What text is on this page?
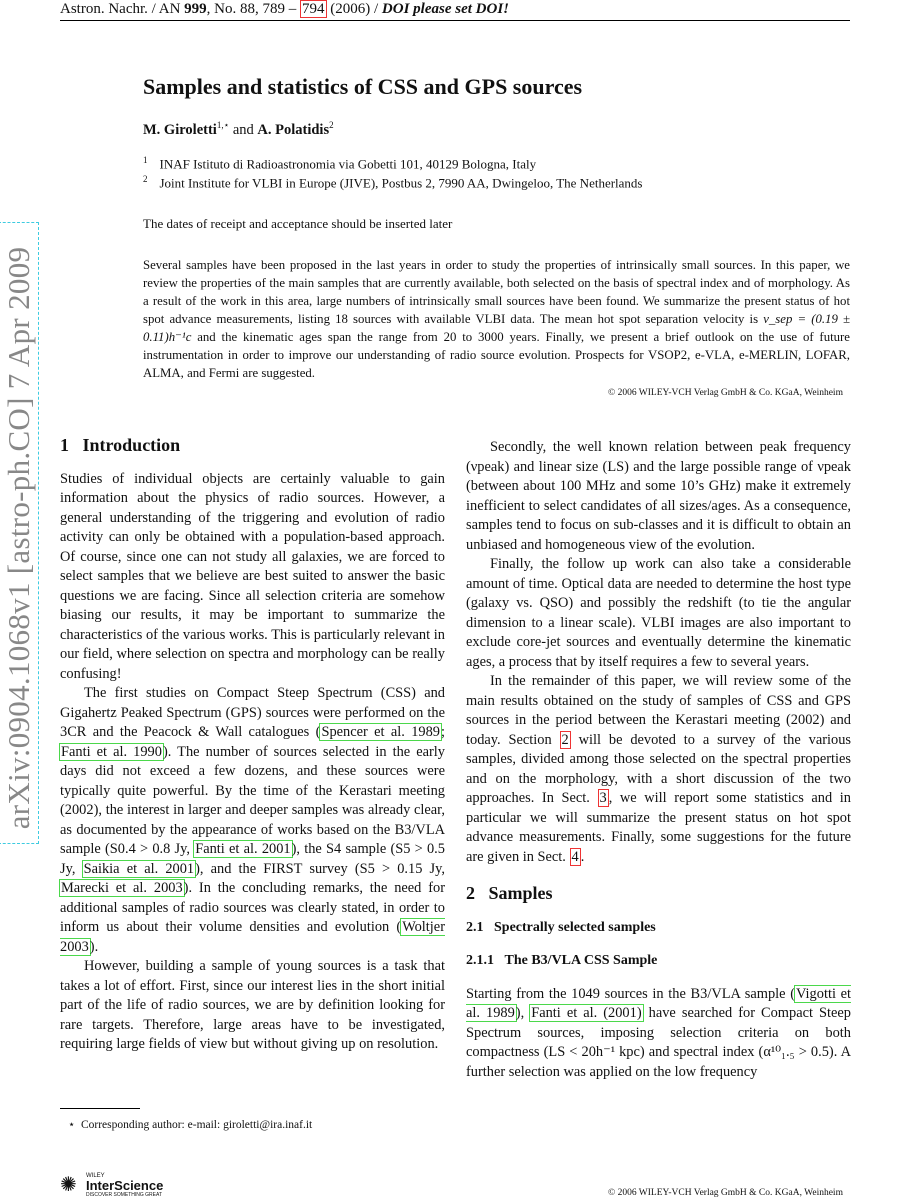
Astron. Nachr. / AN 999, No. 88, 789 – 794 (2006) / DOI please set DOI!
arXiv:0904.1068v1 [astro-ph.CO] 7 Apr 2009
Samples and statistics of CSS and GPS sources
M. Giroletti$^{1,⋆}$ and A. Polatidis$^2$
$^1$ INAF Istituto di Radioastronomia via Gobetti 101, 40129 Bologna, Italy
$^2$ Joint Institute for VLBI in Europe (JIVE), Postbus 2, 7990 AA, Dwingeloo, The Netherlands
The dates of receipt and acceptance should be inserted later
Several samples have been proposed in the last years in order to study the properties of intrinsically small sources. In this paper, we review the properties of the main samples that are currently available, both selected on the basis of spectral index and of morphology. As a result of the work in this area, large numbers of intrinsically small sources have been found. We summarize the present status of hot spot advance measurements, listing 18 sources with available VLBI data. The mean hot spot separation velocity is v_sep = (0.19 ± 0.11)h⁻¹c and the kinematic ages span the range from 20 to 3000 years. Finally, we present a brief outlook on the use of future instrumentation in order to improve our understanding of radio source evolution. Prospects for VSOP2, e-VLA, e-MERLIN, LOFAR, ALMA, and Fermi are suggested.
© 2006 WILEY-VCH Verlag GmbH & Co. KGaA, Weinheim
1 Introduction

Studies of individual objects are certainly valuable to gain information about the physics of radio sources. However, a general understanding of the triggering and evolution of radio activity can only be obtained with a population-based approach. Of course, since one can not study all galaxies, we are forced to select samples that we believe are best suited to answer the basic questions we are facing. Since all selection criteria are somehow biasing our results, it may be important to summarize the characteristics of the various works. This is particularly relevant in our field, where selection on spectra and morphology can be really confusing!

The first studies on Compact Steep Spectrum (CSS) and Gigahertz Peaked Spectrum (GPS) sources were performed on the 3CR and the Peacock & Wall catalogues (Spencer et al. 1989; Fanti et al. 1990). The number of sources selected in the early days did not exceed a few dozens, and these sources were typically quite powerful. By the time of the Kerastari meeting (2002), the interest in larger and deeper samples was already clear, as documented by the appearance of works based on the B3/VLA sample (S0.4 > 0.8 Jy, Fanti et al. 2001), the S4 sample (S5 > 0.5 Jy, Saikia et al. 2001), and the FIRST survey (S5 > 0.15 Jy, Marecki et al. 2003). In the concluding remarks, the need for additional samples of radio sources was clearly stated, in order to inform us about their volume densities and evolution (Woltjer 2003).

However, building a sample of young sources is a task that takes a lot of effort. First, since our interest lies in the short initial part of the life of radio sources, we are by definition looking for rare targets. Therefore, large areas have to be investigated, requiring large fields of view but without giving up on resolution.

⋆ Corresponding author: e-mail: giroletti@ira.inaf.it

Secondly, the well known relation between peak frequency (νpeak) and linear size (LS) and the large possible range of νpeak (between about 100 MHz and some 10’s GHz) make it extremely inefficient to select candidates of all sizes/ages. As a consequence, samples tend to focus on sub-classes and it is difficult to obtain an unbiased and homogeneous view of the evolution.

Finally, the follow up work can also take a considerable amount of time. Optical data are needed to determine the host type (galaxy vs. QSO) and possibly the redshift (to tie the angular dimension to a linear scale). VLBI images are also important to exclude core-jet sources and eventually determine the kinematic ages, a process that by itself requires a few to several years.

In the remainder of this paper, we will review some of the main results obtained on the study of samples of CSS and GPS sources in the period between the Kerastari meeting (2002) and today. Section 2 will be devoted to a survey of the various samples, divided among those selected on the spectral properties and on the morphology, with a short discussion of the two approaches. In Sect. 3 , we will report some statistics and in particular we will summarize the present status on hot spot advance measurements. Finally, some suggestions for the future are given in Sect. 4 .

2 Samples
2.1 Spectrally selected samples
2.1.1 The B3/VLA CSS Sample

Starting from the 1049 sources in the B3/VLA sample (Vigotti et al. 1989), Fanti et al. (2001) have searched for Compact Steep Spectrum sources, imposing selection criteria on both compactness (LS < 20h⁻¹ kpc) and spectral index (α¹⁰₁.₅ > 0.5). A further selection was applied on the low frequency

✺ WILEY
InterScience
DISCOVER SOMETHING GREAT	© 2006 WILEY-VCH Verlag GmbH & Co. KGaA, Weinheim
